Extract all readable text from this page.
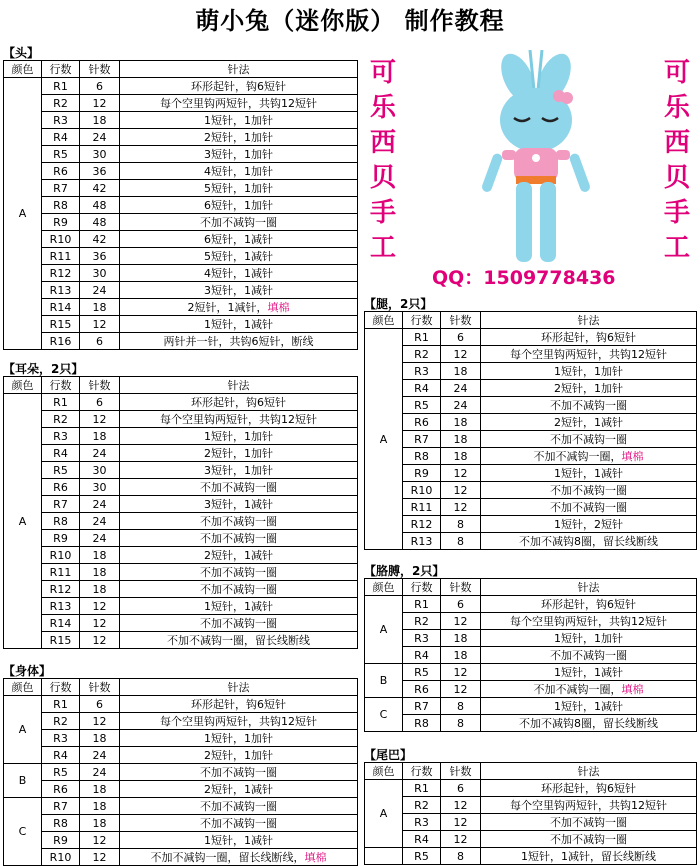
萌小兔（迷你版） 制作教程
【头】
颜色	行数	针数	针法
A	R1	6	环形起针，钩6短针
	R2	12	每个空里钩两短针，共钩12短针
	R3	18	1短针，1加针
	R4	24	2短针，1加针
	R5	30	3短针，1加针
	R6	36	4短针，1加针
	R7	42	5短针，1加针
	R8	48	6短针，1加针
	R9	48	不加不减钩一圈
	R10	42	6短针，1减针
	R11	36	5短针，1减针
	R12	30	4短针，1减针
	R13	24	3短针，1减针
	R14	18	2短针，1减针，填棉
	R15	12	1短针，1减针
	R16	6	两针并一针，共钩6短针，断线
【耳朵，2只】
颜色	行数	针数	针法
A	R1	6	环形起针，钩6短针
	R2	12	每个空里钩两短针，共钩12短针
	R3	18	1短针，1加针
	R4	24	2短针，1加针
	R5	30	3短针，1加针
	R6	30	不加不减钩一圈
	R7	24	3短针，1减针
	R8	24	不加不减钩一圈
	R9	24	不加不减钩一圈
	R10	18	2短针，1减针
	R11	18	不加不减钩一圈
	R12	18	不加不减钩一圈
	R13	12	1短针，1减针
	R14	12	不加不减钩一圈
	R15	12	不加不减钩一圈，留长线断线
【身体】
颜色	行数	针数	针法
A	R1	6	环形起针，钩6短针
	R2	12	每个空里钩两短针，共钩12短针
	R3	18	1短针，1加针
	R4	24	2短针，1加针
B	R5	24	不加不减钩一圈
	R6	18	2短针，1减针
C	R7	18	不加不减钩一圈
	R8	18	不加不减钩一圈
	R9	12	1短针，1减针
	R10	12	不加不减钩一圈，留长线断线，填棉
【腿，2只】
颜色	行数	针数	针法
A	R1	6	环形起针，钩6短针
	R2	12	每个空里钩两短针，共钩12短针
	R3	18	1短针，1加针
	R4	24	2短针，1加针
	R5	24	不加不减钩一圈
	R6	18	2短针，1减针
	R7	18	不加不减钩一圈
	R8	18	不加不减钩一圈，填棉
	R9	12	1短针，1减针
	R10	12	不加不减钩一圈
	R11	12	不加不减钩一圈
	R12	8	1短针，2短针
	R13	8	不加不减钩8圈，留长线断线
【胳膊，2只】
颜色	行数	针数	针法
A	R1	6	环形起针，钩6短针
	R2	12	每个空里钩两短针，共钩12短针
	R3	18	1短针，1加针
	R4	18	不加不减钩一圈
B	R5	12	1短针，1减针
	R6	12	不加不减钩一圈，填棉
C	R7	8	1短针，1减针
	R8	8	不加不减钩8圈，留长线断线
【尾巴】
颜色	行数	针数	针法
A	R1	6	环形起针，钩6短针
	R2	12	每个空里钩两短针，共钩12短针
	R3	12	不加不减钩一圈
	R4	12	不加不减钩一圈
	R5	8	1短针，1减针，留长线断线
可
乐
西
贝
手
工
可
乐
西
贝
手
工
QQ：1509778436
